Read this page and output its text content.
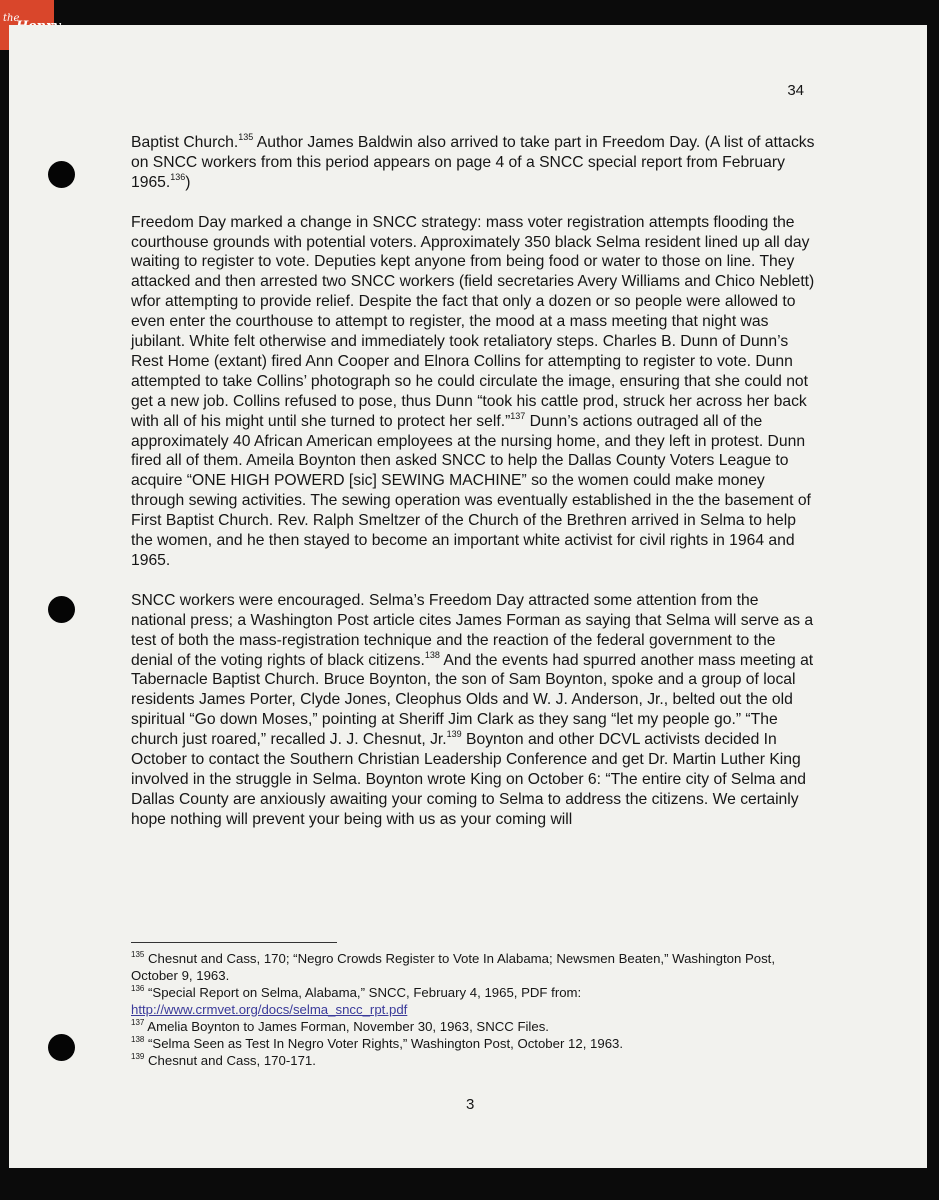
the
34

Baptist Church.$^{135}$ Author James Baldwin also arrived to take part in Freedom Day. (A list of attacks on SNCC workers from this period appears on page 4 of a SNCC special report from February 1965.$^{136}$)

Freedom Day marked a change in SNCC strategy: mass voter registration attempts flooding the courthouse grounds with potential voters. Approximately 350 black Selma resident lined up all day waiting to register to vote. Deputies kept anyone from being food or water to those on line. They attacked and then arrested two SNCC workers (field secretaries Avery Williams and Chico Neblett) wfor attempting to provide relief. Despite the fact that only a dozen or so people were allowed to even enter the courthouse to attempt to register, the mood at a mass meeting that night was jubilant. White felt otherwise and immediately took retaliatory steps. Charles B. Dunn of Dunn’s Rest Home (extant) fired Ann Cooper and Elnora Collins for attempting to register to vote. Dunn attempted to take Collins’ photograph so he could circulate the image, ensuring that she could not get a new job. Collins refused to pose, thus Dunn “took his cattle prod, struck her across her back with all of his might until she turned to protect her self.”$^{137}$ Dunn’s actions outraged all of the approximately 40 African American employees at the nursing home, and they left in protest. Dunn fired all of them. Ameila Boynton then asked SNCC to help the Dallas County Voters League to acquire “ONE HIGH POWERD [sic] SEWING MACHINE” so the women could make money through sewing activities. The sewing operation was eventually established in the the basement of First Baptist Church. Rev. Ralph Smeltzer of the Church of the Brethren arrived in Selma to help the women, and he then stayed to become an important white activist for civil rights in 1964 and 1965.

SNCC workers were encouraged. Selma’s Freedom Day attracted some attention from the national press; a Washington Post article cites James Forman as saying that Selma will serve as a test of both the mass-registration technique and the reaction of the federal government to the denial of the voting rights of black citizens.$^{138}$ And the events had spurred another mass meeting at Tabernacle Baptist Church. Bruce Boynton, the son of Sam Boynton, spoke and a group of local residents James Porter, Clyde Jones, Cleophus Olds and W. J. Anderson, Jr., belted out the old spiritual “Go down Moses,” pointing at Sheriff Jim Clark as they sang “let my people go.” “The church just roared,” recalled J. J. Chesnut, Jr.$^{139}$ Boynton and other DCVL activists decided In October to contact the Southern Christian Leadership Conference and get Dr. Martin Luther King involved in the struggle in Selma. Boynton wrote King on October 6: “The entire city of Selma and Dallas County are anxiously awaiting your coming to Selma to address the citizens. We certainly hope nothing will prevent your being with us as your coming will

$^{135}$ Chesnut and Cass, 170; “Negro Crowds Register to Vote In Alabama; Newsmen Beaten,” Washington Post, October 9, 1963.
$^{136}$ “Special Report on Selma, Alabama,” SNCC, February 4, 1965, PDF from: http://www.crmvet.org/docs/selma_sncc_rpt.pdf
$^{137}$ Amelia Boynton to James Forman, November 30, 1963, SNCC Files.
$^{138}$ “Selma Seen as Test In Negro Voter Rights,” Washington Post, October 12, 1963.
$^{139}$ Chesnut and Cass, 170-171.
3
